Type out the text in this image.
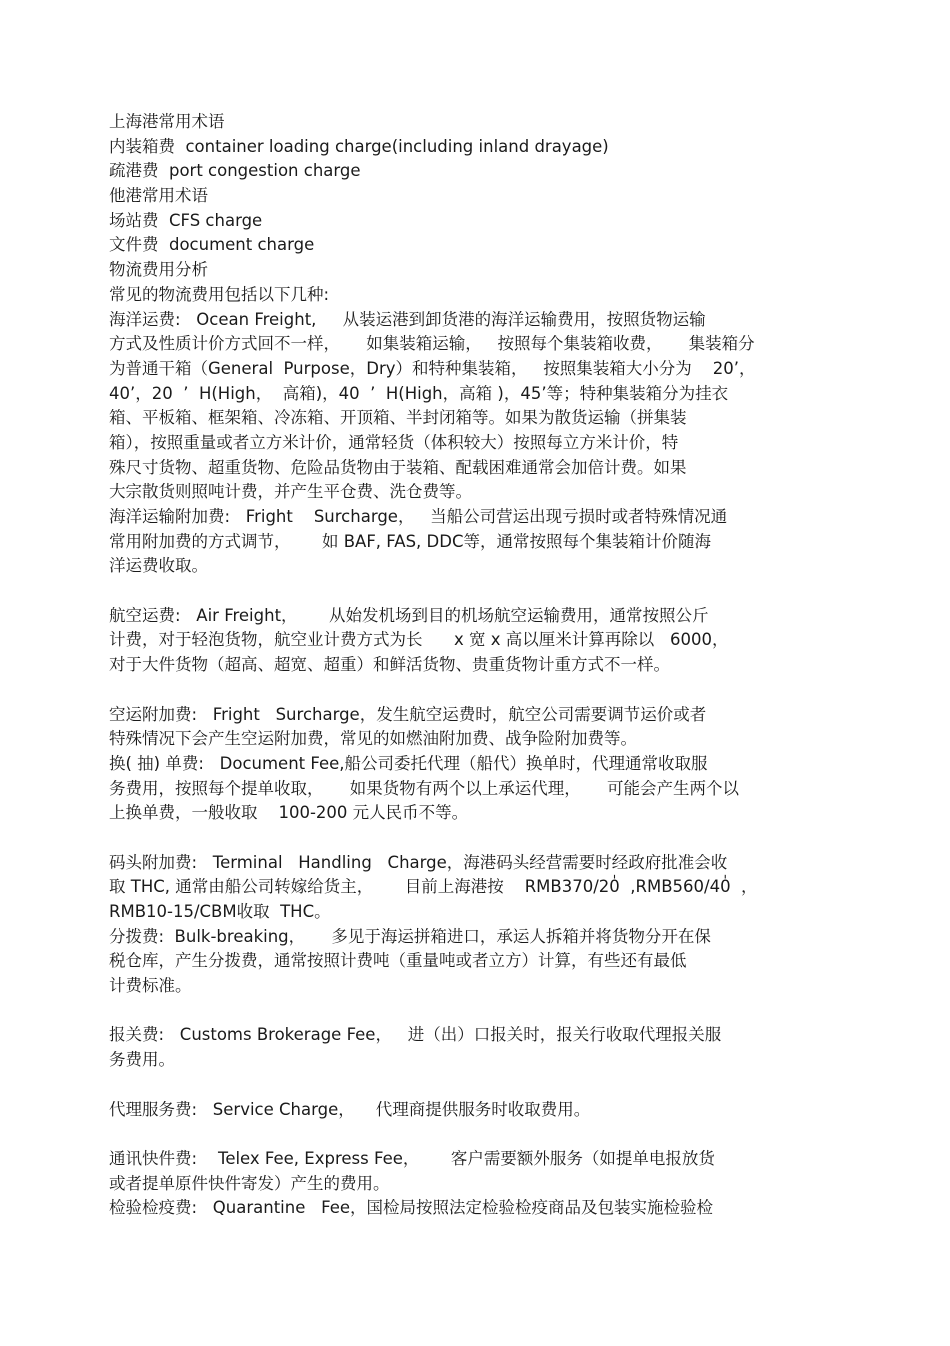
上海港常用术语
内装箱费  container loading charge(including inland drayage)
疏港费  port congestion charge
他港常用术语
场站费  CFS charge
文件费  document charge
物流费用分析
常见的物流费用包括以下几种:
海洋运费:   Ocean Freight,     从装运港到卸货港的海洋运输费用，按照货物运输
方式及性质计价方式回不一样，     如集装箱运输，   按照每个集装箱收费，     集装箱分
为普通干箱（General  Purpose，Dry）和特种集装箱，   按照集装箱大小分为    20’，
40’，20  ’  H(High，  高箱)，40  ’  H(High，高箱 )，45’等；特种集装箱分为挂衣
箱、平板箱、框架箱、冷冻箱、开顶箱、半封闭箱等。如果为散货运输（拼集装
箱），按照重量或者立方米计价，通常轻货（体积较大）按照每立方米计价，特
殊尺寸货物、超重货物、危险品货物由于装箱、配载困难通常会加倍计费。如果
大宗散货则照吨计费，并产生平仓费、洗仓费等。
海洋运输附加费:   Fright    Surcharge，   当船公司营运出现亏损时或者特殊情况通
常用附加费的方式调节，      如 BAF, FAS, DDC等，通常按照每个集装箱计价随海
洋运费收取。
航空运费:   Air Freight，      从始发机场到目的机场航空运输费用，通常按照公斤
计费，对于轻泡货物，航空业计费方式为长      x 宽 x 高以厘米计算再除以   6000，
对于大件货物（超高、超宽、超重）和鲜活货物、贵重货物计重方式不一样。
空运附加费:   Fright   Surcharge，发生航空运费时，航空公司需要调节运价或者
特殊情况下会产生空运附加费，常见的如燃油附加费、战争险附加费等。
换( 抽) 单费:   Document Fee,船公司委托代理（船代）换单时，代理通常收取服
务费用，按照每个提单收取，     如果货物有两个以上承运代理，     可能会产生两个以
上换单费，一般收取    100-200 元人民币不等。
码头附加费:   Terminal   Handling   Charge，海港码头经营需要时经政府批准会收
取 THC, 通常由船公司转嫁给货主，      目前上海港按    RMB370/20̍  ,RMB560/40̍  ，
RMB10-15/CBM收取  THC。
分拨费:  Bulk-breaking，     多见于海运拼箱进口，承运人拆箱并将货物分开在保
税仓库，产生分拨费，通常按照计费吨（重量吨或者立方）计算，有些还有最低
计费标准。
报关费:   Customs Brokerage Fee，   进（出）口报关时，报关行收取代理报关服
务费用。
代理服务费:   Service Charge，    代理商提供服务时收取费用。
通讯快件费:    Telex Fee, Express Fee，      客户需要额外服务（如提单电报放货
或者提单原件快件寄发）产生的费用。
检验检疫费:   Quarantine   Fee，国检局按照法定检验检疫商品及包装实施检验检
